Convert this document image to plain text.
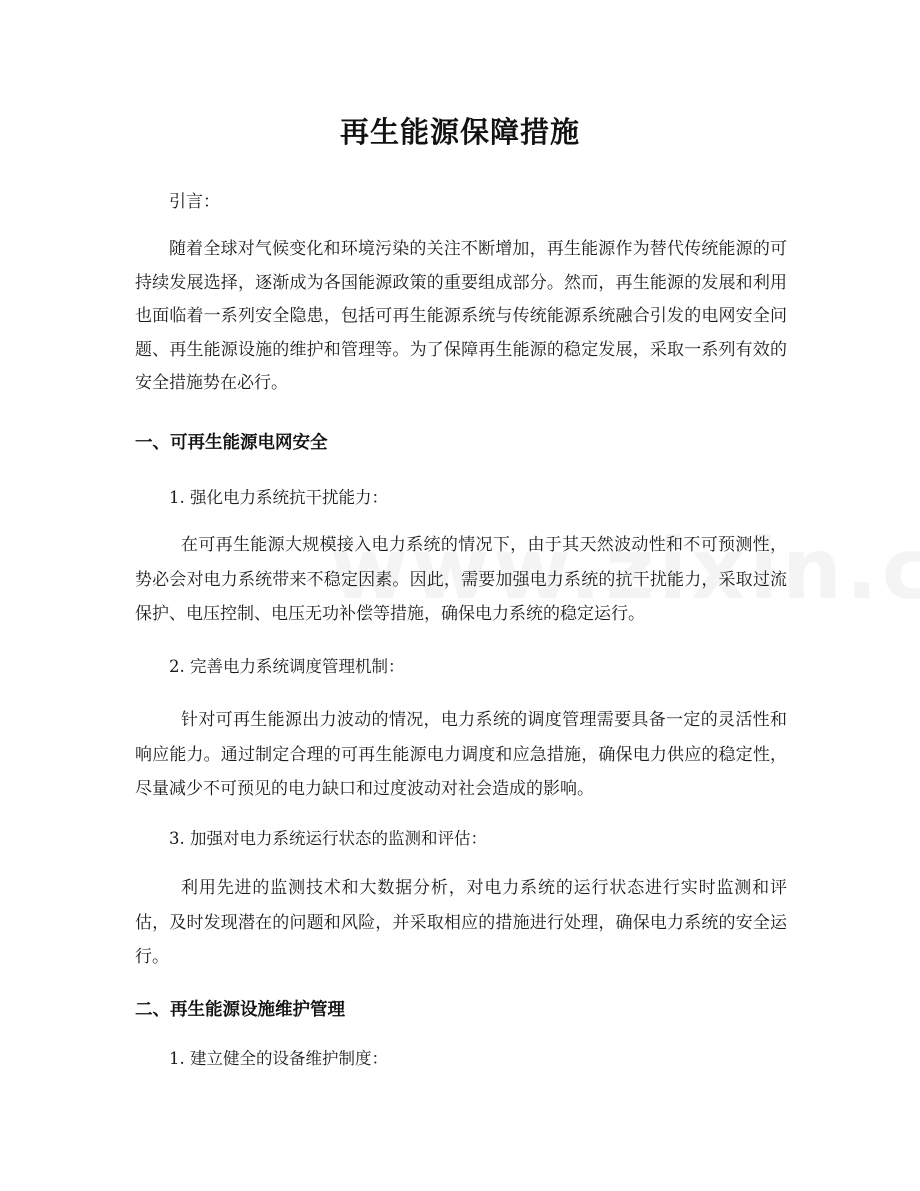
再生能源保障措施
引言：
随着全球对气候变化和环境污染的关注不断增加，再生能源作为替代传统能源的可持续发展选择，逐渐成为各国能源政策的重要组成部分。然而，再生能源的发展和利用也面临着一系列安全隐患，包括可再生能源系统与传统能源系统融合引发的电网安全问题、再生能源设施的维护和管理等。为了保障再生能源的稳定发展，采取一系列有效的安全措施势在必行。
一、可再生能源电网安全
1. 强化电力系统抗干扰能力：
在可再生能源大规模接入电力系统的情况下，由于其天然波动性和不可预测性，势必会对电力系统带来不稳定因素。因此，需要加强电力系统的抗干扰能力，采取过流保护、电压控制、电压无功补偿等措施，确保电力系统的稳定运行。
2. 完善电力系统调度管理机制：
针对可再生能源出力波动的情况，电力系统的调度管理需要具备一定的灵活性和响应能力。通过制定合理的可再生能源电力调度和应急措施，确保电力供应的稳定性，尽量减少不可预见的电力缺口和过度波动对社会造成的影响。
3. 加强对电力系统运行状态的监测和评估：
利用先进的监测技术和大数据分析，对电力系统的运行状态进行实时监测和评估，及时发现潜在的问题和风险，并采取相应的措施进行处理，确保电力系统的安全运行。
二、再生能源设施维护管理
1. 建立健全的设备维护制度：
